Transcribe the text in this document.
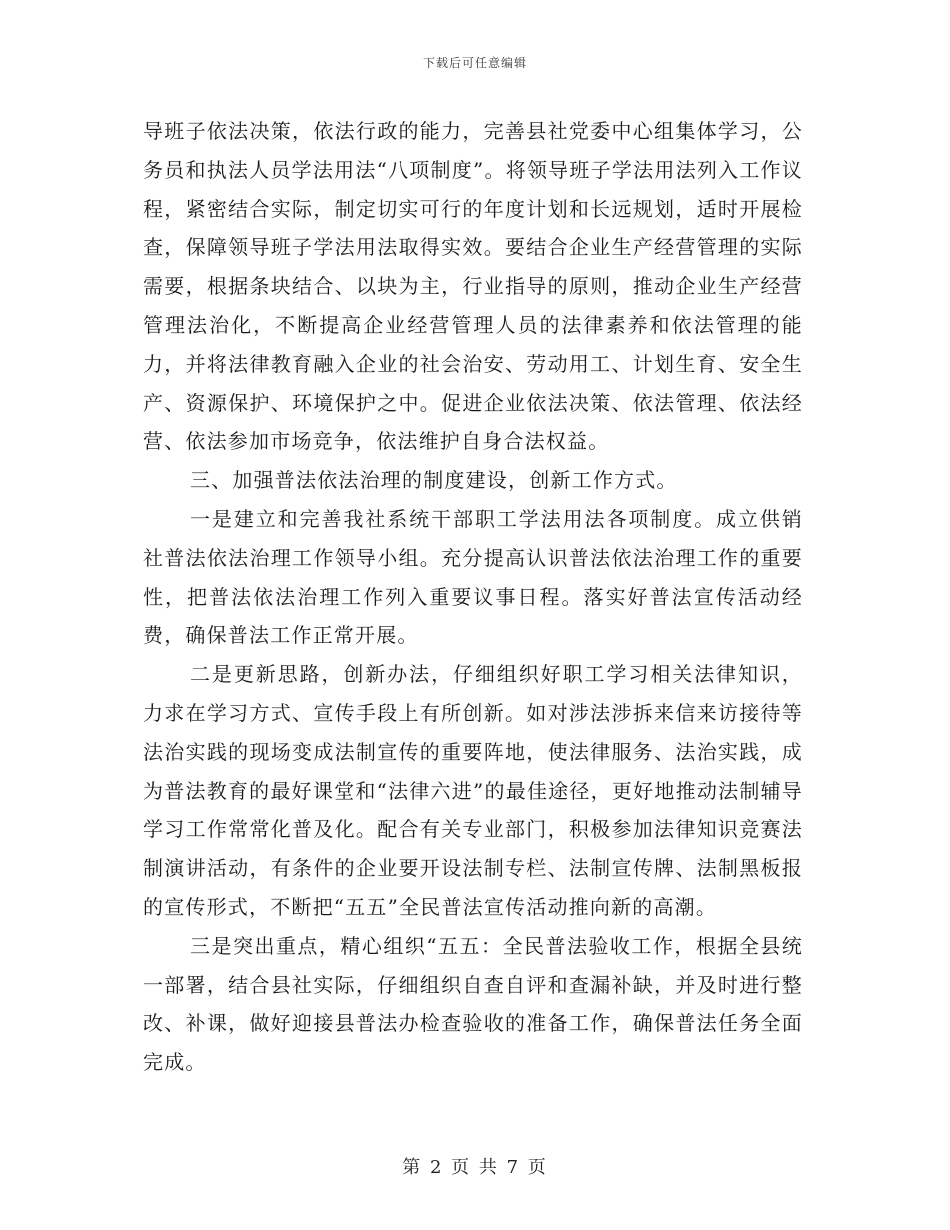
下载后可任意编辑

导班子依法决策，依法行政的能力，完善县社党委中心组集体学习，公务员和执法人员学法用法“八项制度”。将领导班子学法用法列入工作议程，紧密结合实际，制定切实可行的年度计划和长远规划，适时开展检查，保障领导班子学法用法取得实效。要结合企业生产经营管理的实际需要，根据条块结合、以块为主，行业指导的原则，推动企业生产经营管理法治化，不断提高企业经营管理人员的法律素养和依法管理的能力，并将法律教育融入企业的社会治安、劳动用工、计划生育、安全生产、资源保护、环境保护之中。促进企业依法决策、依法管理、依法经营、依法参加市场竞争，依法维护自身合法权益。

三、加强普法依法治理的制度建设，创新工作方式。

一是建立和完善我社系统干部职工学法用法各项制度。成立供销社普法依法治理工作领导小组。充分提高认识普法依法治理工作的重要性，把普法依法治理工作列入重要议事日程。落实好普法宣传活动经费，确保普法工作正常开展。

二是更新思路，创新办法，仔细组织好职工学习相关法律知识，力求在学习方式、宣传手段上有所创新。如对涉法涉拆来信来访接待等法治实践的现场变成法制宣传的重要阵地，使法律服务、法治实践，成为普法教育的最好课堂和“法律六进”的最佳途径，更好地推动法制辅导学习工作常常化普及化。配合有关专业部门，积极参加法律知识竞赛法制演讲活动，有条件的企业要开设法制专栏、法制宣传牌、法制黑板报的宣传形式，不断把“五五”全民普法宣传活动推向新的高潮。

三是突出重点，精心组织“五五：全民普法验收工作，根据全县统一部署，结合县社实际，仔细组织自查自评和查漏补缺，并及时进行整改、补课，做好迎接县普法办检查验收的准备工作，确保普法任务全面完成。

第 2 页 共 7 页
